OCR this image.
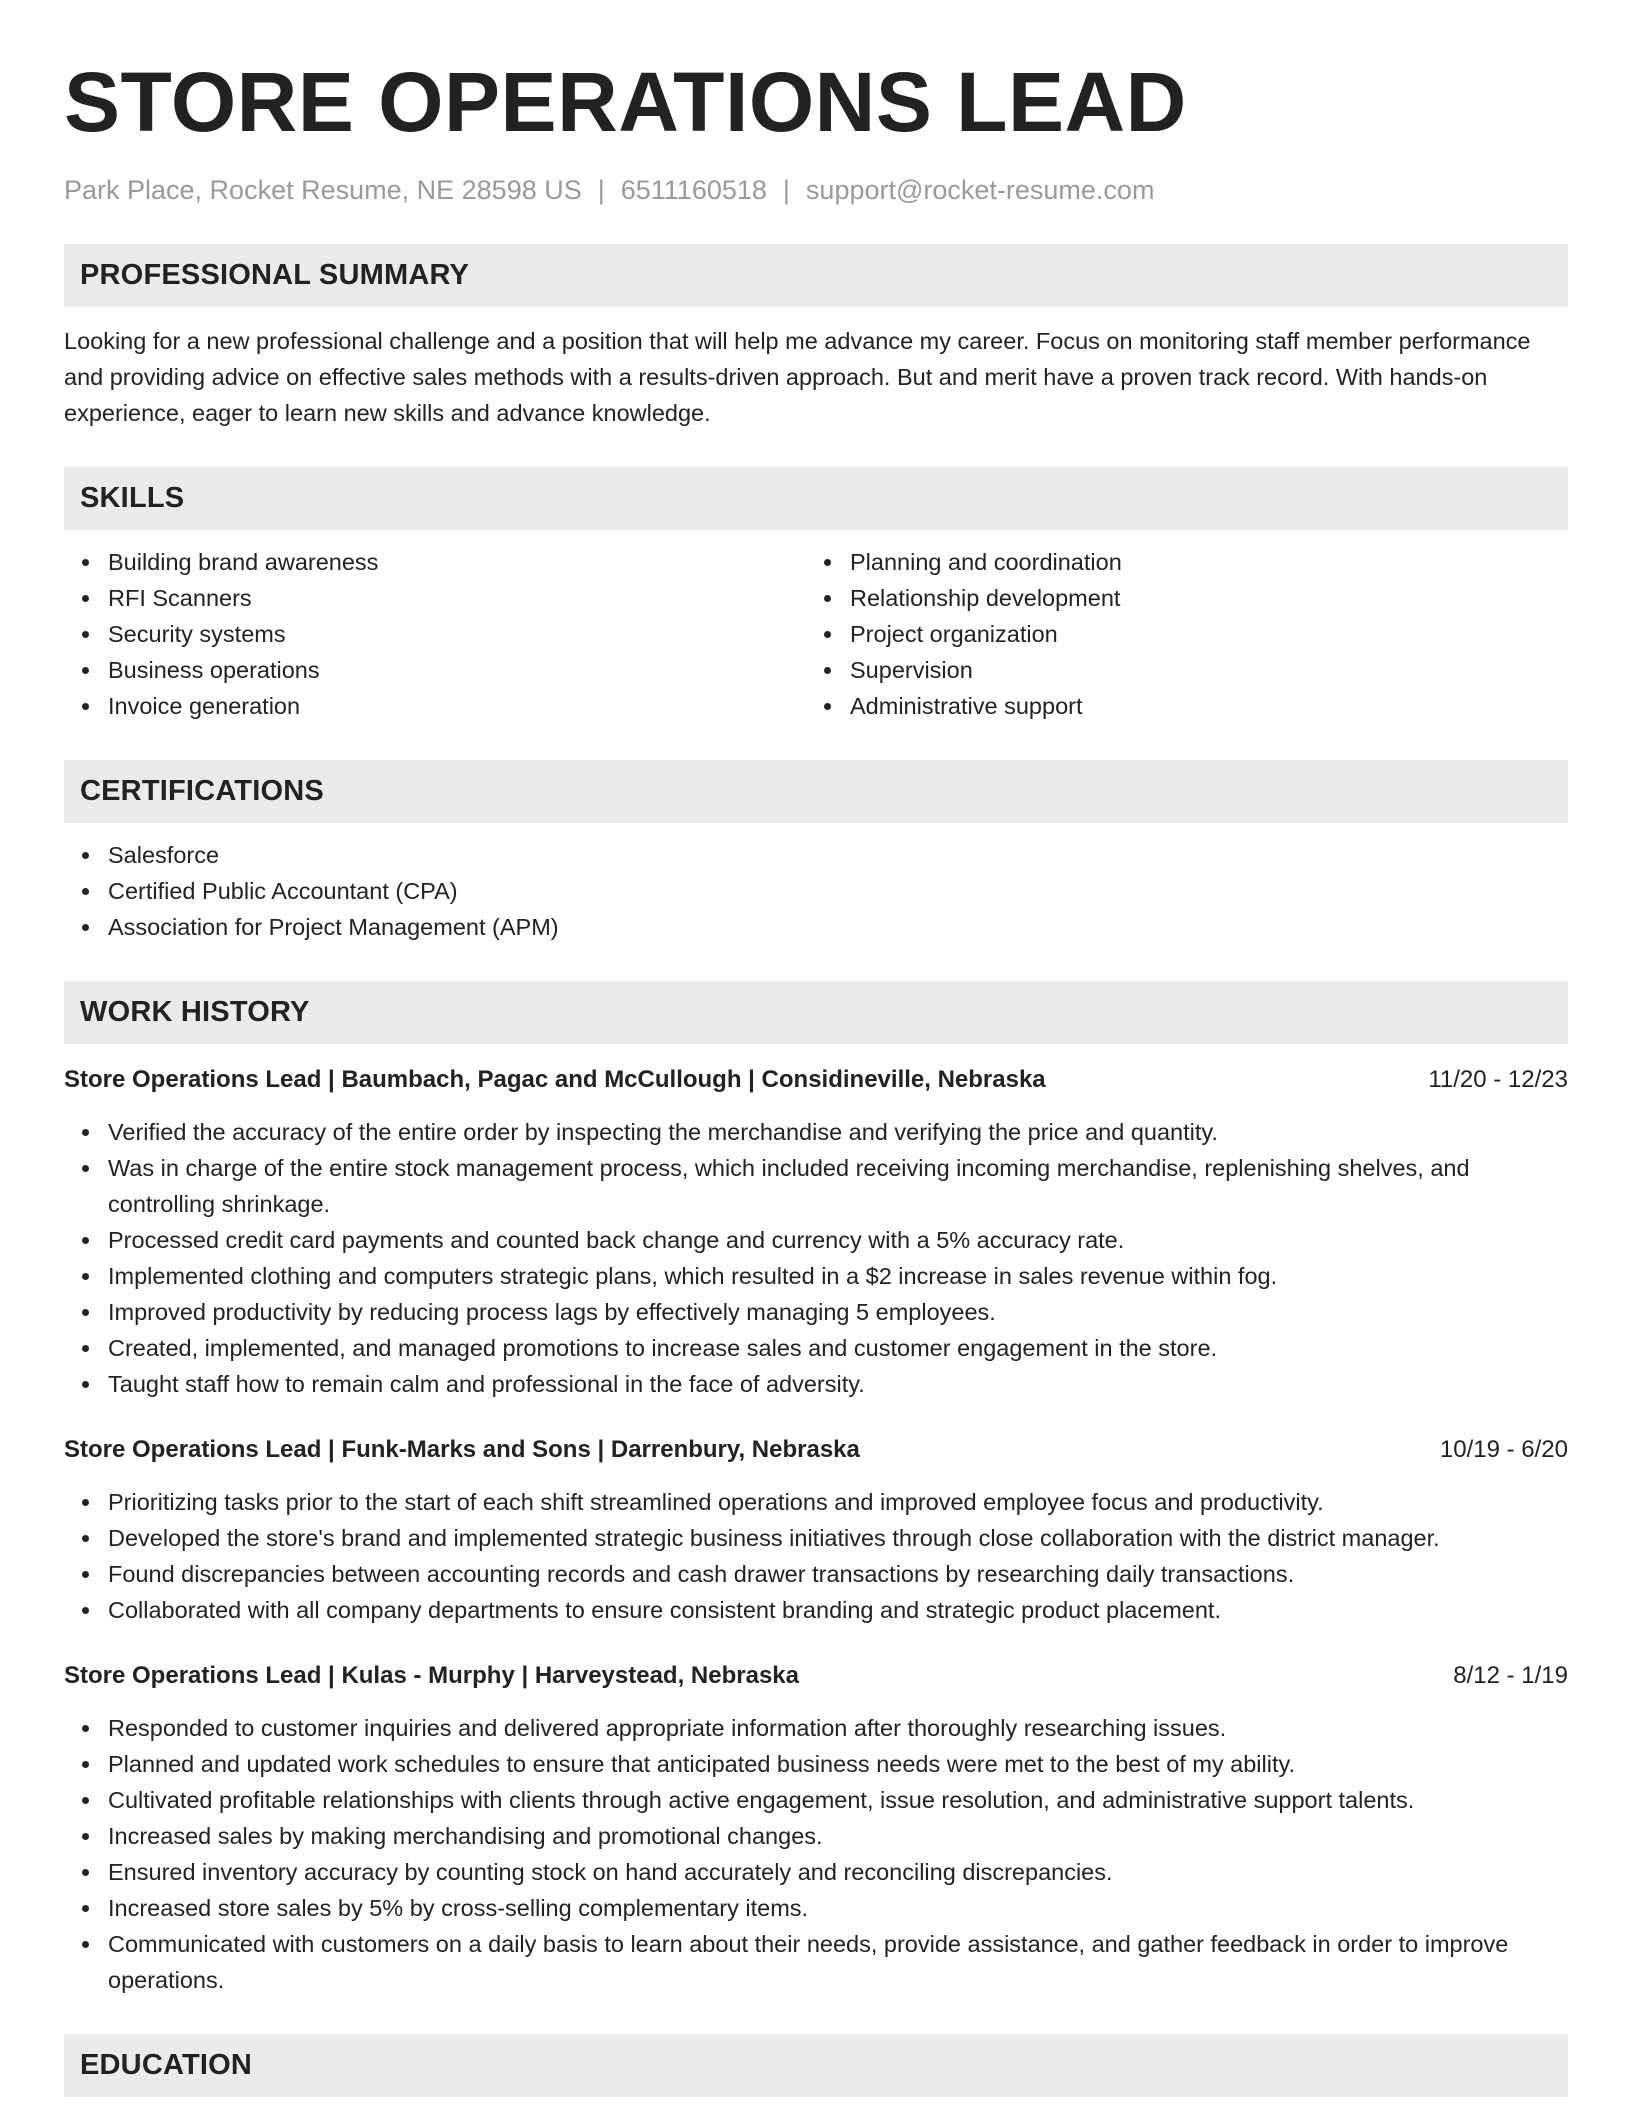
STORE OPERATIONS LEAD
Park Place, Rocket Resume, NE 28598 US | 6511160518 | support@rocket-resume.com
PROFESSIONAL SUMMARY

Looking for a new professional challenge and a position that will help me advance my career. Focus on monitoring staff member performance and providing advice on effective sales methods with a results-driven approach. But and merit have a proven track record. With hands-on experience, eager to learn new skills and advance knowledge.

SKILLS
Building brand awareness
RFI Scanners
Security systems
Business operations
Invoice generation
Planning and coordination
Relationship development
Project organization
Supervision
Administrative support
CERTIFICATIONS
Salesforce
Certified Public Accountant (CPA)
Association for Project Management (APM)
WORK HISTORY
Store Operations Lead | Baumbach, Pagac and McCullough | Considineville, Nebraska	11/20 - 12/23
Verified the accuracy of the entire order by inspecting the merchandise and verifying the price and quantity.
Was in charge of the entire stock management process, which included receiving incoming merchandise, replenishing shelves, and controlling shrinkage.
Processed credit card payments and counted back change and currency with a 5% accuracy rate.
Implemented clothing and computers strategic plans, which resulted in a $2 increase in sales revenue within fog.
Improved productivity by reducing process lags by effectively managing 5 employees.
Created, implemented, and managed promotions to increase sales and customer engagement in the store.
Taught staff how to remain calm and professional in the face of adversity.
Store Operations Lead | Funk-Marks and Sons | Darrenbury, Nebraska	10/19 - 6/20
Prioritizing tasks prior to the start of each shift streamlined operations and improved employee focus and productivity.
Developed the store's brand and implemented strategic business initiatives through close collaboration with the district manager.
Found discrepancies between accounting records and cash drawer transactions by researching daily transactions.
Collaborated with all company departments to ensure consistent branding and strategic product placement.
Store Operations Lead | Kulas - Murphy | Harveystead, Nebraska	8/12 - 1/19
Responded to customer inquiries and delivered appropriate information after thoroughly researching issues.
Planned and updated work schedules to ensure that anticipated business needs were met to the best of my ability.
Cultivated profitable relationships with clients through active engagement, issue resolution, and administrative support talents.
Increased sales by making merchandising and promotional changes.
Ensured inventory accuracy by counting stock on hand accurately and reconciling discrepancies.
Increased store sales by 5% by cross-selling complementary items.
Communicated with customers on a daily basis to learn about their needs, provide assistance, and gather feedback in order to improve operations.
EDUCATION
